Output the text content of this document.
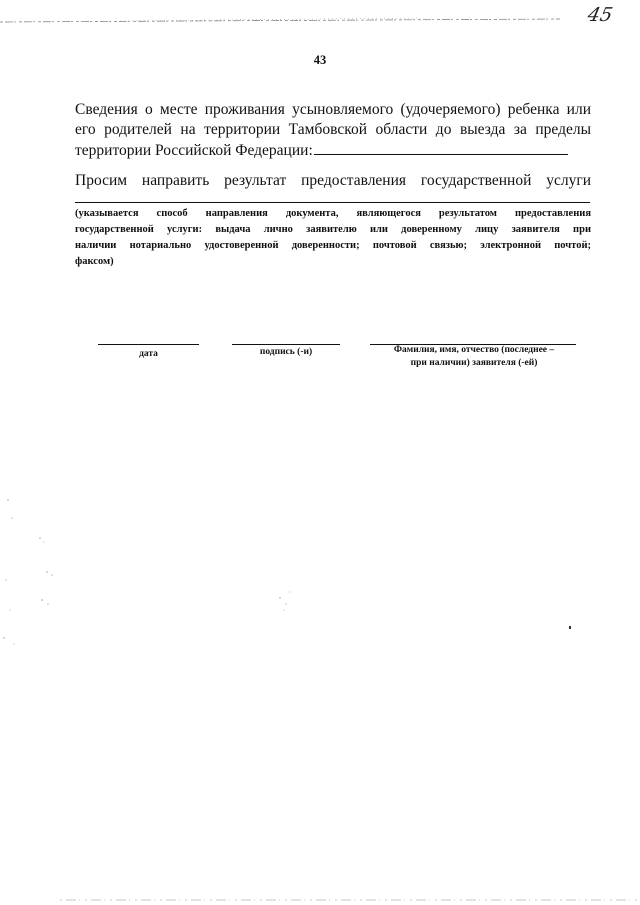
45
43
Сведения о месте проживания усыновляемого (удочеряемого) ребенка или
его родителей на территории Тамбовской области до выезда за пределы
территории Российской Федерации:
Просим направить результат предоставления государственной услуги
(указывается способ направления документа, являющегося результатом предоставления
государственной услуги: выдача лично заявителю или доверенному лицу заявителя при
наличии нотариально удостоверенной доверенности; почтовой связью; электронной почтой;
факсом)
дата	подпись (-и)	Фамилия, имя, отчество (последнее –
при наличии) заявителя (-ей)
